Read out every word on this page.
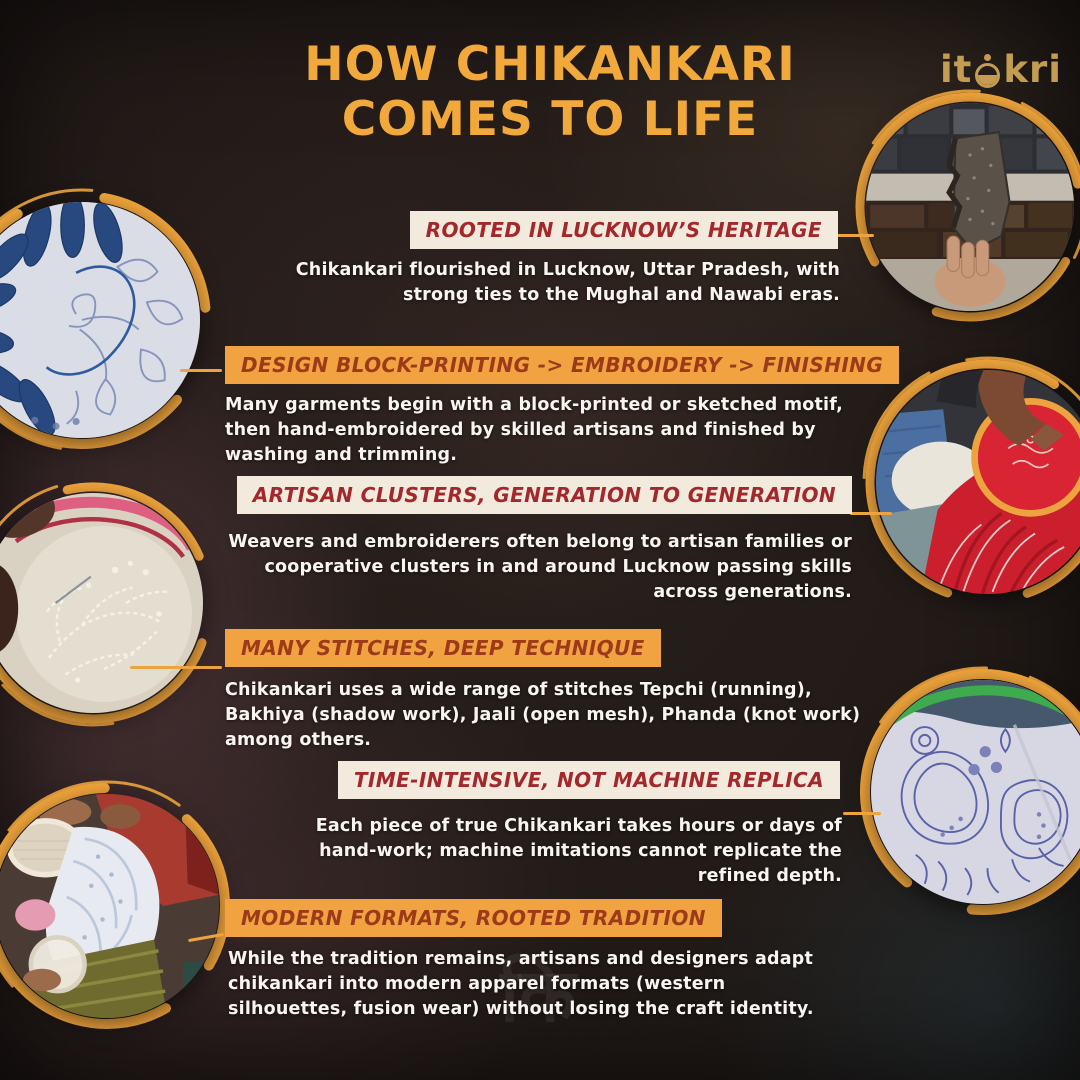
कि
HOW CHIKANKARI
COMES TO LIFE
it kri
ROOTED IN LUCKNOW’S HERITAGE

Chikankari flourished in Lucknow, Uttar Pradesh, with strong ties to the Mughal and Nawabi eras.

DESIGN BLOCK-PRINTING -> EMBROIDERY -> FINISHING

Many garments begin with a block-printed or sketched motif, then hand-embroidered by skilled artisans and finished by washing and trimming.

ARTISAN CLUSTERS, GENERATION TO GENERATION

Weavers and embroiderers often belong to artisan families or cooperative clusters in and around Lucknow passing skills across generations.

MANY STITCHES, DEEP TECHNIQUE

Chikankari uses a wide range of stitches Tepchi (running), Bakhiya (shadow work), Jaali (open mesh), Phanda (knot work) among others.

TIME-INTENSIVE, NOT MACHINE REPLICA

Each piece of true Chikankari takes hours or days of hand-work; machine imitations cannot replicate the refined depth.

MODERN FORMATS, ROOTED TRADITION

While the tradition remains, artisans and designers adapt chikankari into modern apparel formats (western silhouettes, fusion wear) without losing the craft identity.
